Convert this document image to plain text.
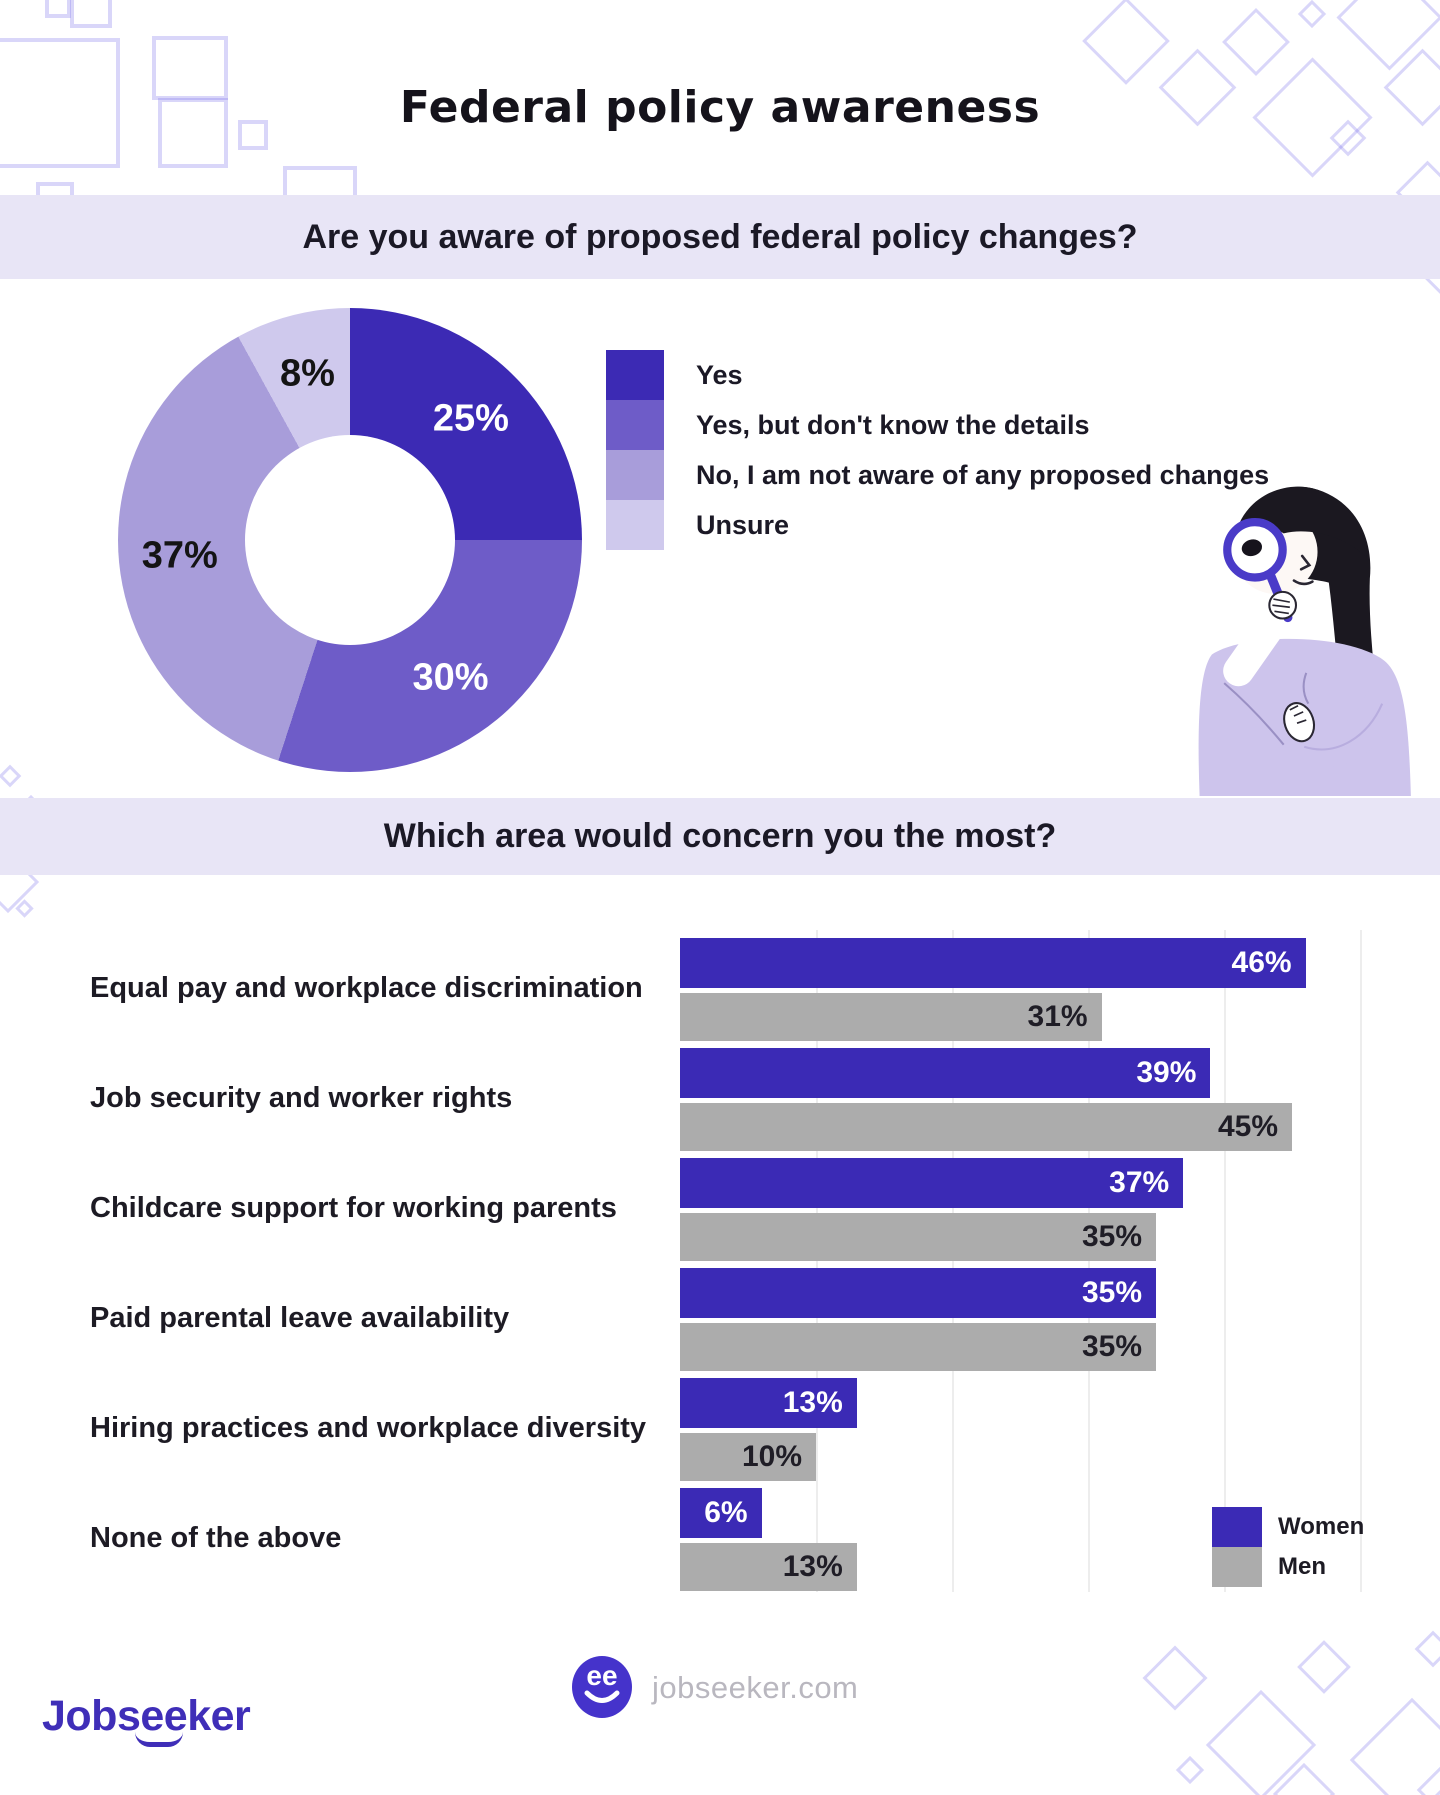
Federal policy awareness
Are you aware of proposed federal policy changes?
25%
30%
37%
8%	Yes
Yes, but don't know the details
No, I am not aware of any proposed changes
Unsure
Which area would concern you the most?
Equal pay and workplace discrimination
46%
31%
Job security and worker rights
39%
45%
Childcare support for working parents
37%
35%
Paid parental leave availability
35%
35%
Hiring practices and workplace diversity
13%
10%
None of the above
6%
13%
Women
Men
Jobseeker
ee jobseeker.com
